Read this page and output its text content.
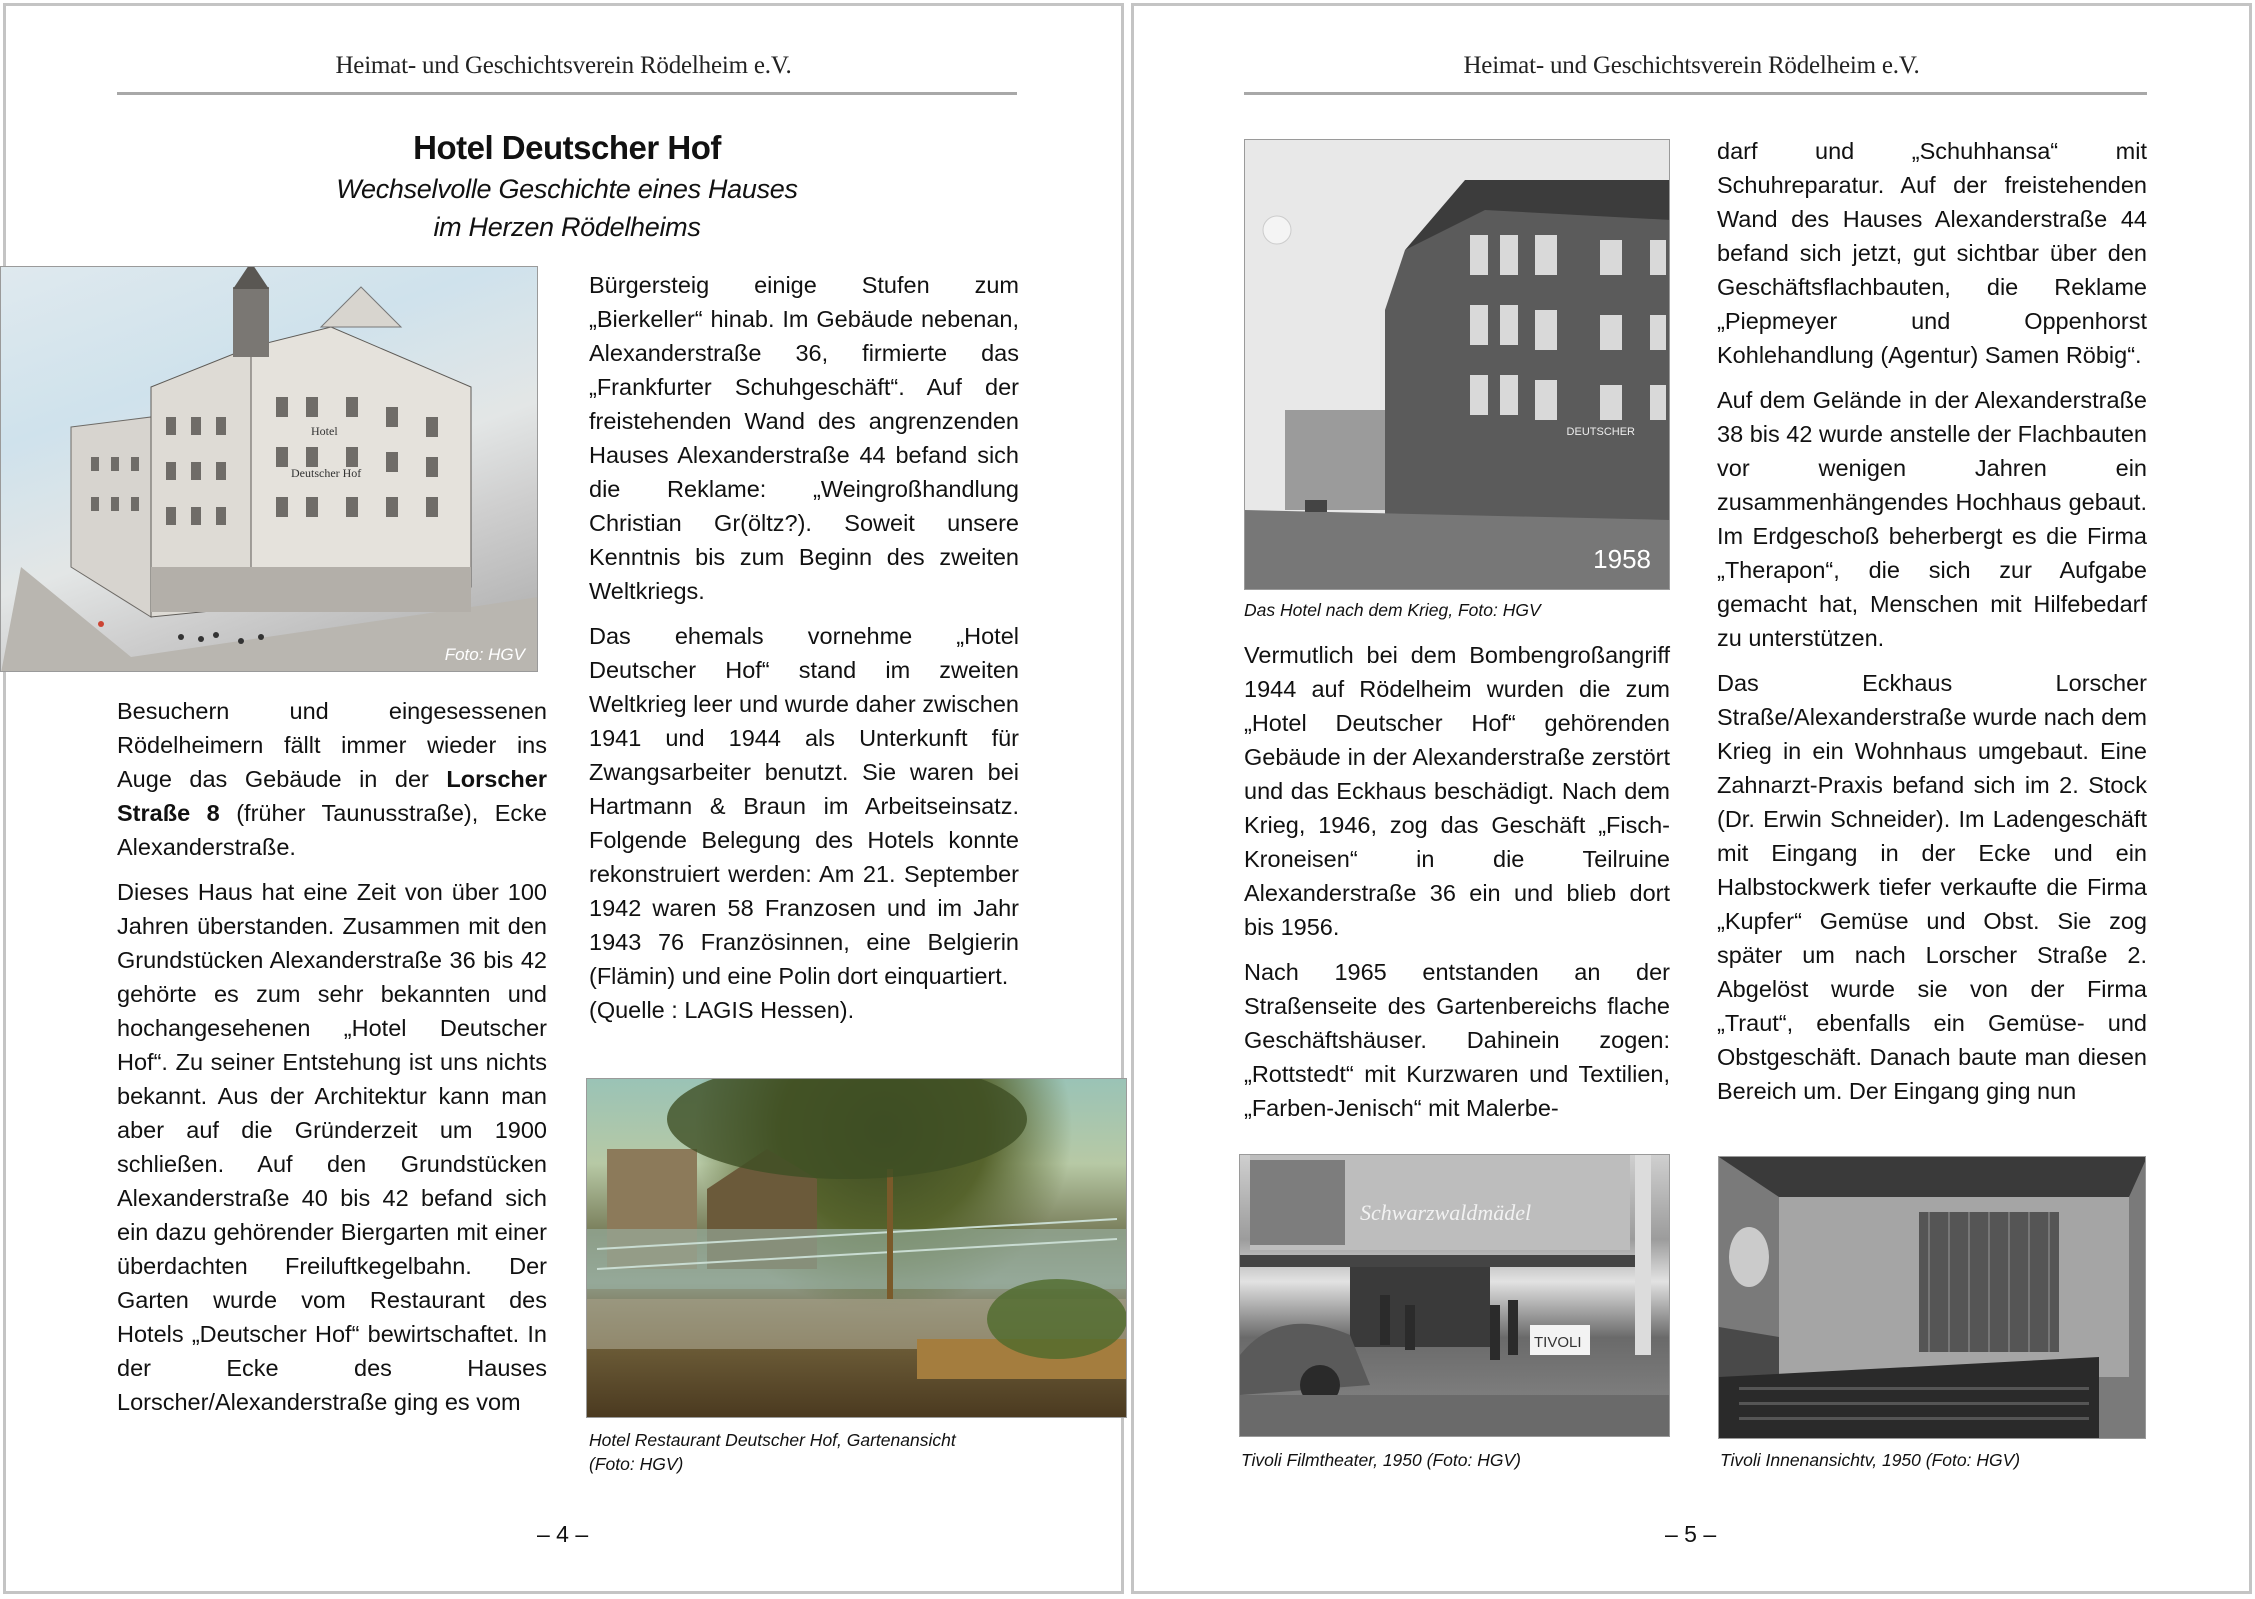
Heimat- und Geschichtsverein Rödelheim e.V.
Hotel Deutscher Hof
Wechselvolle Geschichte eines Hauses
im Herzen Rödelheims

Besuchern und eingesessenen Rödelheimern fällt immer wieder ins Auge das Gebäude in der Lorscher Straße 8 (früher Taunusstraße), Ecke Alexanderstraße.

Dieses Haus hat eine Zeit von über 100 Jahren überstanden. Zusammen mit den Grundstücken Alexanderstraße 36 bis 42 gehörte es zum sehr bekannten und hochangesehenen „Hotel Deutscher Hof“. Zu seiner Entstehung ist uns nichts bekannt. Aus der Architektur kann man aber auf die Gründerzeit um 1900 schließen. Auf den Grundstücken Alexanderstraße 40 bis 42 befand sich ein dazu gehörender Biergarten mit einer überdachten Freiluftkegelbahn. Der Garten wurde vom Restaurant des Hotels „Deutscher Hof“ bewirtschaftet. In der Ecke des Hauses Lorscher/Alexanderstraße ging es vom

Bürgersteig einige Stufen zum „Bierkeller“ hinab. Im Gebäude nebenan, Alexanderstraße 36, firmierte das „Frankfurter Schuhgeschäft“. Auf der freistehenden Wand des angrenzenden Hauses Alexanderstraße 44 befand sich die Reklame: „Weingroßhandlung Christian Gr(öltz?). Soweit unsere Kenntnis bis zum Beginn des zweiten Weltkriegs.

Das ehemals vornehme „Hotel Deutscher Hof“ stand im zweiten Weltkrieg leer und wurde daher zwischen 1941 und 1944 als Unterkunft für Zwangsarbeiter benutzt. Sie waren bei Hartmann & Braun im Arbeitseinsatz. Folgende Belegung des Hotels konnte rekonstruiert werden: Am 21. September 1942 waren 58 Franzosen und im Jahr 1943 76 Französinnen, eine Belgierin (Flämin) und eine Polin dort einquartiert.

(Quelle : LAGIS Hessen).

– 4 –
Hotel
Deutscher Hof
Foto: HGV
Hotel Restaurant Deutscher Hof, Gartenansicht
(Foto: HGV)
Heimat- und Geschichtsverein Rödelheim e.V.
DEUTSCHER
1958
Das Hotel nach dem Krieg, Foto: HGV

Vermutlich bei dem Bombengroßangriff 1944 auf Rödelheim wurden die zum „Hotel Deutscher Hof“ gehörenden Gebäude in der Alexanderstraße zerstört und das Eckhaus beschädigt. Nach dem Krieg, 1946, zog das Geschäft „Fisch-Kroneisen“ in die Teilruine Alexanderstraße 36 ein und blieb dort bis 1956.

Nach 1965 entstanden an der Straßenseite des Gartenbereichs flache Geschäftshäuser. Dahinein zogen: „Rottstedt“ mit Kurzwaren und Textilien, „Farben-Jenisch“ mit Malerbe-

darf und „Schuhhansa“ mit Schuhreparatur. Auf der freistehenden Wand des Hauses Alexanderstraße 44 befand sich jetzt, gut sichtbar über den Geschäftsflachbauten, die Reklame „Piepmeyer und Oppenhorst Kohlehandlung (Agentur) Samen Röbig“.

Auf dem Gelände in der Alexanderstraße 38 bis 42 wurde anstelle der Flachbauten vor wenigen Jahren ein zusammenhängendes Hochhaus gebaut. Im Erdgeschoß beherbergt es die Firma „Therapon“, die sich zur Aufgabe gemacht hat, Menschen mit Hilfebedarf zu unterstützen.

Das Eckhaus Lorscher Straße/Alexanderstraße wurde nach dem Krieg in ein Wohnhaus umgebaut. Eine Zahnarzt-Praxis befand sich im 2. Stock (Dr. Erwin Schneider). Im Ladengeschäft mit Eingang in der Ecke und ein Halbstockwerk tiefer verkaufte die Firma „Kupfer“ Gemüse und Obst. Sie zog später um nach Lorscher Straße 2. Abgelöst wurde sie von der Firma „Traut“, ebenfalls ein Gemüse- und Obstgeschäft. Danach baute man diesen Bereich um. Der Eingang ging nun

Schwarzwaldmädel
TIVOLI
Tivoli Filmtheater, 1950 (Foto: HGV)	Tivoli Innenansichtv, 1950 (Foto: HGV)
– 5 –
